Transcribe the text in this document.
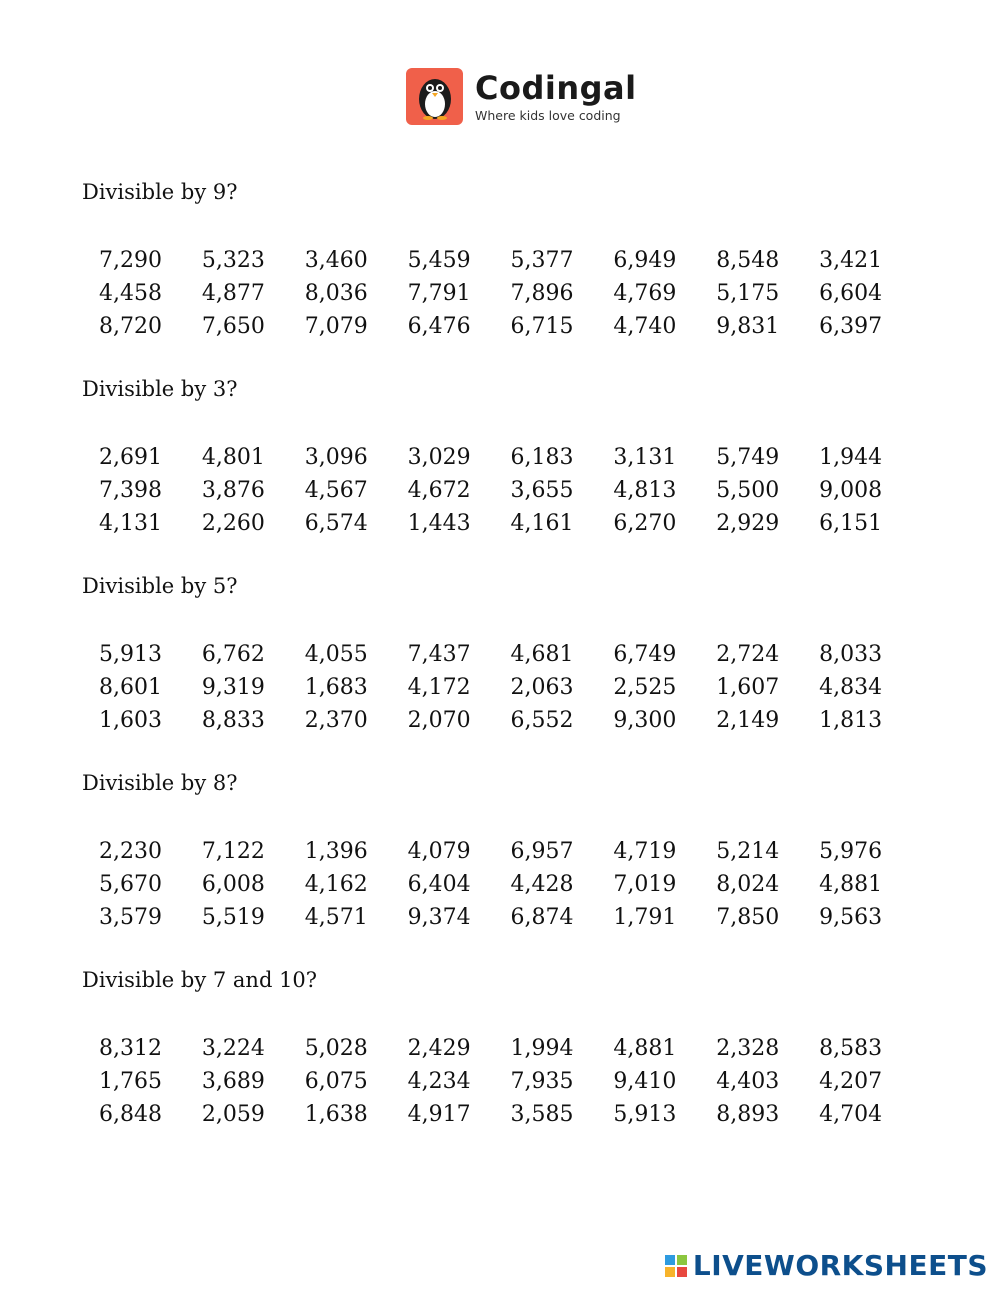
Codingal
Where kids love coding

Divisible by 9?

7,290	5,323	3,460	5,459	5,377	6,949	8,548	3,421
4,458	4,877	8,036	7,791	7,896	4,769	5,175	6,604
8,720	7,650	7,079	6,476	6,715	4,740	9,831	6,397

Divisible by 3?

2,691	4,801	3,096	3,029	6,183	3,131	5,749	1,944
7,398	3,876	4,567	4,672	3,655	4,813	5,500	9,008
4,131	2,260	6,574	1,443	4,161	6,270	2,929	6,151

Divisible by 5?

5,913	6,762	4,055	7,437	4,681	6,749	2,724	8,033
8,601	9,319	1,683	4,172	2,063	2,525	1,607	4,834
1,603	8,833	2,370	2,070	6,552	9,300	2,149	1,813

Divisible by 8?

2,230	7,122	1,396	4,079	6,957	4,719	5,214	5,976
5,670	6,008	4,162	6,404	4,428	7,019	8,024	4,881
3,579	5,519	4,571	9,374	6,874	1,791	7,850	9,563

Divisible by 7 and 10?

8,312	3,224	5,028	2,429	1,994	4,881	2,328	8,583
1,765	3,689	6,075	4,234	7,935	9,410	4,403	4,207
6,848	2,059	1,638	4,917	3,585	5,913	8,893	4,704
LIVEWORKSHEETS
